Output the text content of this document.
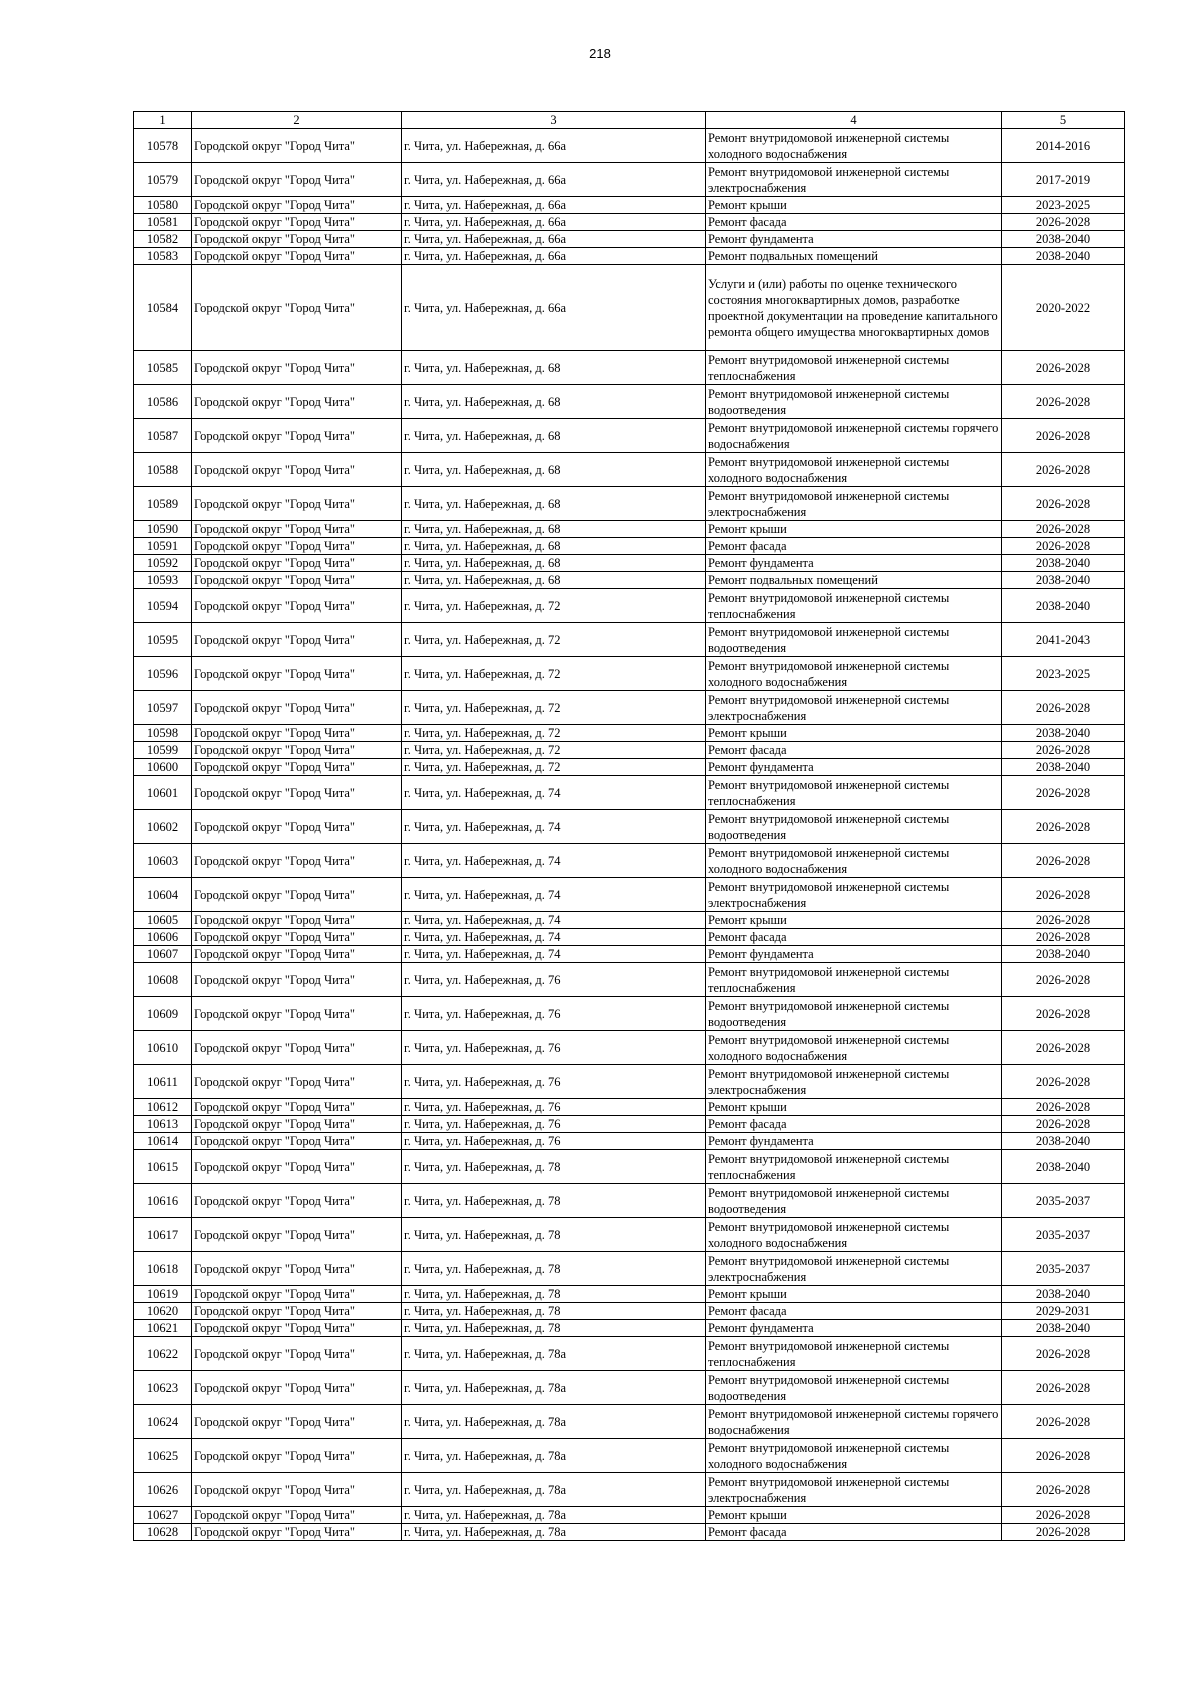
218
1	2	3	4	5
10578	Городской округ "Город Чита"	г. Чита, ул. Набережная, д. 66а	Ремонт внутридомовой инженерной системы холодного водоснабжения	2014-2016
10579	Городской округ "Город Чита"	г. Чита, ул. Набережная, д. 66а	Ремонт внутридомовой инженерной системы электроснабжения	2017-2019
10580	Городской округ "Город Чита"	г. Чита, ул. Набережная, д. 66а	Ремонт крыши	2023-2025
10581	Городской округ "Город Чита"	г. Чита, ул. Набережная, д. 66а	Ремонт фасада	2026-2028
10582	Городской округ "Город Чита"	г. Чита, ул. Набережная, д. 66а	Ремонт фундамента	2038-2040
10583	Городской округ "Город Чита"	г. Чита, ул. Набережная, д. 66а	Ремонт подвальных помещений	2038-2040
10584	Городской округ "Город Чита"	г. Чита, ул. Набережная, д. 66а	Услуги и (или) работы по оценке технического состояния многоквартирных домов, разработке проектной документации на проведение капитального ремонта общего имущества многоквартирных домов	2020-2022
10585	Городской округ "Город Чита"	г. Чита, ул. Набережная, д. 68	Ремонт внутридомовой инженерной системы теплоснабжения	2026-2028
10586	Городской округ "Город Чита"	г. Чита, ул. Набережная, д. 68	Ремонт внутридомовой инженерной системы водоотведения	2026-2028
10587	Городской округ "Город Чита"	г. Чита, ул. Набережная, д. 68	Ремонт внутридомовой инженерной системы горячего водоснабжения	2026-2028
10588	Городской округ "Город Чита"	г. Чита, ул. Набережная, д. 68	Ремонт внутридомовой инженерной системы холодного водоснабжения	2026-2028
10589	Городской округ "Город Чита"	г. Чита, ул. Набережная, д. 68	Ремонт внутридомовой инженерной системы электроснабжения	2026-2028
10590	Городской округ "Город Чита"	г. Чита, ул. Набережная, д. 68	Ремонт крыши	2026-2028
10591	Городской округ "Город Чита"	г. Чита, ул. Набережная, д. 68	Ремонт фасада	2026-2028
10592	Городской округ "Город Чита"	г. Чита, ул. Набережная, д. 68	Ремонт фундамента	2038-2040
10593	Городской округ "Город Чита"	г. Чита, ул. Набережная, д. 68	Ремонт подвальных помещений	2038-2040
10594	Городской округ "Город Чита"	г. Чита, ул. Набережная, д. 72	Ремонт внутридомовой инженерной системы теплоснабжения	2038-2040
10595	Городской округ "Город Чита"	г. Чита, ул. Набережная, д. 72	Ремонт внутридомовой инженерной системы водоотведения	2041-2043
10596	Городской округ "Город Чита"	г. Чита, ул. Набережная, д. 72	Ремонт внутридомовой инженерной системы холодного водоснабжения	2023-2025
10597	Городской округ "Город Чита"	г. Чита, ул. Набережная, д. 72	Ремонт внутридомовой инженерной системы электроснабжения	2026-2028
10598	Городской округ "Город Чита"	г. Чита, ул. Набережная, д. 72	Ремонт крыши	2038-2040
10599	Городской округ "Город Чита"	г. Чита, ул. Набережная, д. 72	Ремонт фасада	2026-2028
10600	Городской округ "Город Чита"	г. Чита, ул. Набережная, д. 72	Ремонт фундамента	2038-2040
10601	Городской округ "Город Чита"	г. Чита, ул. Набережная, д. 74	Ремонт внутридомовой инженерной системы теплоснабжения	2026-2028
10602	Городской округ "Город Чита"	г. Чита, ул. Набережная, д. 74	Ремонт внутридомовой инженерной системы водоотведения	2026-2028
10603	Городской округ "Город Чита"	г. Чита, ул. Набережная, д. 74	Ремонт внутридомовой инженерной системы холодного водоснабжения	2026-2028
10604	Городской округ "Город Чита"	г. Чита, ул. Набережная, д. 74	Ремонт внутридомовой инженерной системы электроснабжения	2026-2028
10605	Городской округ "Город Чита"	г. Чита, ул. Набережная, д. 74	Ремонт крыши	2026-2028
10606	Городской округ "Город Чита"	г. Чита, ул. Набережная, д. 74	Ремонт фасада	2026-2028
10607	Городской округ "Город Чита"	г. Чита, ул. Набережная, д. 74	Ремонт фундамента	2038-2040
10608	Городской округ "Город Чита"	г. Чита, ул. Набережная, д. 76	Ремонт внутридомовой инженерной системы теплоснабжения	2026-2028
10609	Городской округ "Город Чита"	г. Чита, ул. Набережная, д. 76	Ремонт внутридомовой инженерной системы водоотведения	2026-2028
10610	Городской округ "Город Чита"	г. Чита, ул. Набережная, д. 76	Ремонт внутридомовой инженерной системы холодного водоснабжения	2026-2028
10611	Городской округ "Город Чита"	г. Чита, ул. Набережная, д. 76	Ремонт внутридомовой инженерной системы электроснабжения	2026-2028
10612	Городской округ "Город Чита"	г. Чита, ул. Набережная, д. 76	Ремонт крыши	2026-2028
10613	Городской округ "Город Чита"	г. Чита, ул. Набережная, д. 76	Ремонт фасада	2026-2028
10614	Городской округ "Город Чита"	г. Чита, ул. Набережная, д. 76	Ремонт фундамента	2038-2040
10615	Городской округ "Город Чита"	г. Чита, ул. Набережная, д. 78	Ремонт внутридомовой инженерной системы теплоснабжения	2038-2040
10616	Городской округ "Город Чита"	г. Чита, ул. Набережная, д. 78	Ремонт внутридомовой инженерной системы водоотведения	2035-2037
10617	Городской округ "Город Чита"	г. Чита, ул. Набережная, д. 78	Ремонт внутридомовой инженерной системы холодного водоснабжения	2035-2037
10618	Городской округ "Город Чита"	г. Чита, ул. Набережная, д. 78	Ремонт внутридомовой инженерной системы электроснабжения	2035-2037
10619	Городской округ "Город Чита"	г. Чита, ул. Набережная, д. 78	Ремонт крыши	2038-2040
10620	Городской округ "Город Чита"	г. Чита, ул. Набережная, д. 78	Ремонт фасада	2029-2031
10621	Городской округ "Город Чита"	г. Чита, ул. Набережная, д. 78	Ремонт фундамента	2038-2040
10622	Городской округ "Город Чита"	г. Чита, ул. Набережная, д. 78а	Ремонт внутридомовой инженерной системы теплоснабжения	2026-2028
10623	Городской округ "Город Чита"	г. Чита, ул. Набережная, д. 78а	Ремонт внутридомовой инженерной системы водоотведения	2026-2028
10624	Городской округ "Город Чита"	г. Чита, ул. Набережная, д. 78а	Ремонт внутридомовой инженерной системы горячего водоснабжения	2026-2028
10625	Городской округ "Город Чита"	г. Чита, ул. Набережная, д. 78а	Ремонт внутридомовой инженерной системы холодного водоснабжения	2026-2028
10626	Городской округ "Город Чита"	г. Чита, ул. Набережная, д. 78а	Ремонт внутридомовой инженерной системы электроснабжения	2026-2028
10627	Городской округ "Город Чита"	г. Чита, ул. Набережная, д. 78а	Ремонт крыши	2026-2028
10628	Городской округ "Город Чита"	г. Чита, ул. Набережная, д. 78а	Ремонт фасада	2026-2028
